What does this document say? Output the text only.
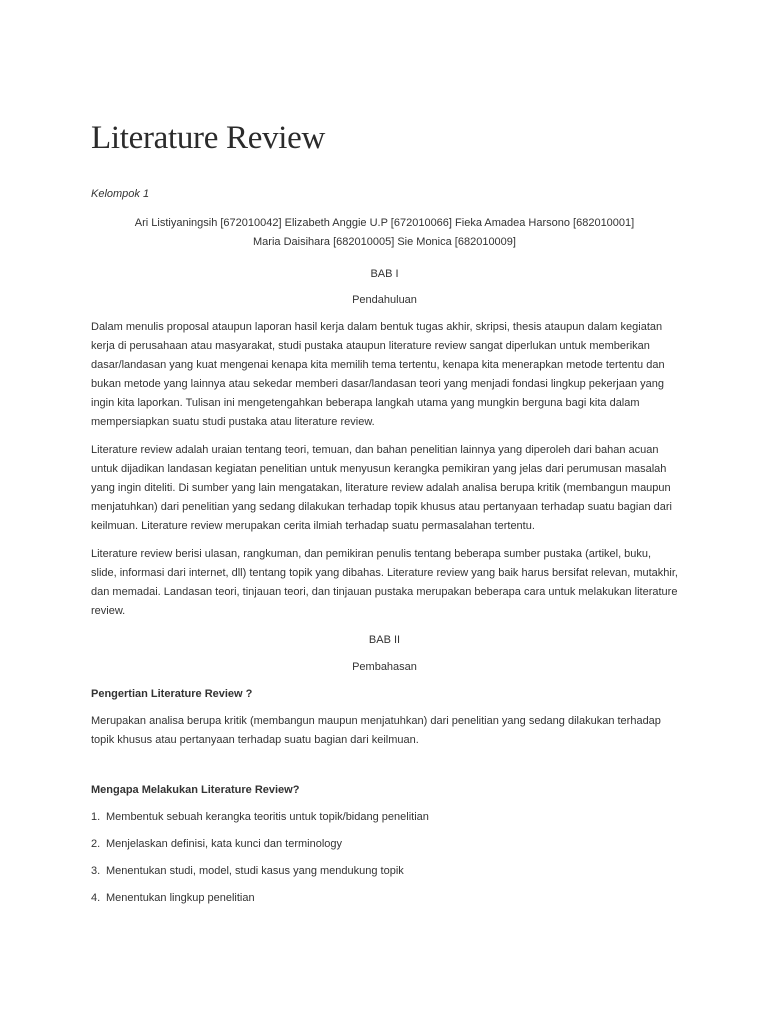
Literature Review
Kelompok 1
Ari Listiyaningsih [672010042] Elizabeth Anggie U.P [672010066] Fieka Amadea Harsono [682010001]
Maria Daisihara [682010005] Sie Monica [682010009]
BAB I
Pendahuluan

Dalam menulis proposal ataupun laporan hasil kerja dalam bentuk tugas akhir, skripsi, thesis ataupun dalam kegiatan kerja di perusahaan atau masyarakat, studi pustaka ataupun literature review sangat diperlukan untuk memberikan dasar/landasan yang kuat mengenai kenapa kita memilih tema tertentu, kenapa kita menerapkan metode tertentu dan bukan metode yang lainnya atau sekedar memberi dasar/landasan teori yang menjadi fondasi lingkup pekerjaan yang ingin kita laporkan. Tulisan ini mengetengahkan beberapa langkah utama yang mungkin berguna bagi kita dalam mempersiapkan suatu studi pustaka atau literature review.

Literature review adalah uraian tentang teori, temuan, dan bahan penelitian lainnya yang diperoleh dari bahan acuan untuk dijadikan landasan kegiatan penelitian untuk menyusun kerangka pemikiran yang jelas dari perumusan masalah yang ingin diteliti. Di sumber yang lain mengatakan, literature review adalah analisa berupa kritik (membangun maupun menjatuhkan) dari penelitian yang sedang dilakukan terhadap topik khusus atau pertanyaan terhadap suatu bagian dari keilmuan. Literature review merupakan cerita ilmiah terhadap suatu permasalahan tertentu.

Literature review berisi ulasan, rangkuman, dan pemikiran penulis tentang beberapa sumber pustaka (artikel, buku, slide, informasi dari internet, dll) tentang topik yang dibahas. Literature review yang baik harus bersifat relevan, mutakhir, dan memadai. Landasan teori, tinjauan teori, dan tinjauan pustaka merupakan beberapa cara untuk melakukan literature review.

BAB II
Pembahasan
Pengertian Literature Review ?

Merupakan analisa berupa kritik (membangun maupun menjatuhkan) dari penelitian yang sedang dilakukan terhadap topik khusus atau pertanyaan terhadap suatu bagian dari keilmuan.

Mengapa Melakukan Literature Review?
1. Membentuk sebuah kerangka teoritis untuk topik/bidang penelitian
2. Menjelaskan definisi, kata kunci dan terminology
3. Menentukan studi, model, studi kasus yang mendukung topik
4. Menentukan lingkup penelitian
